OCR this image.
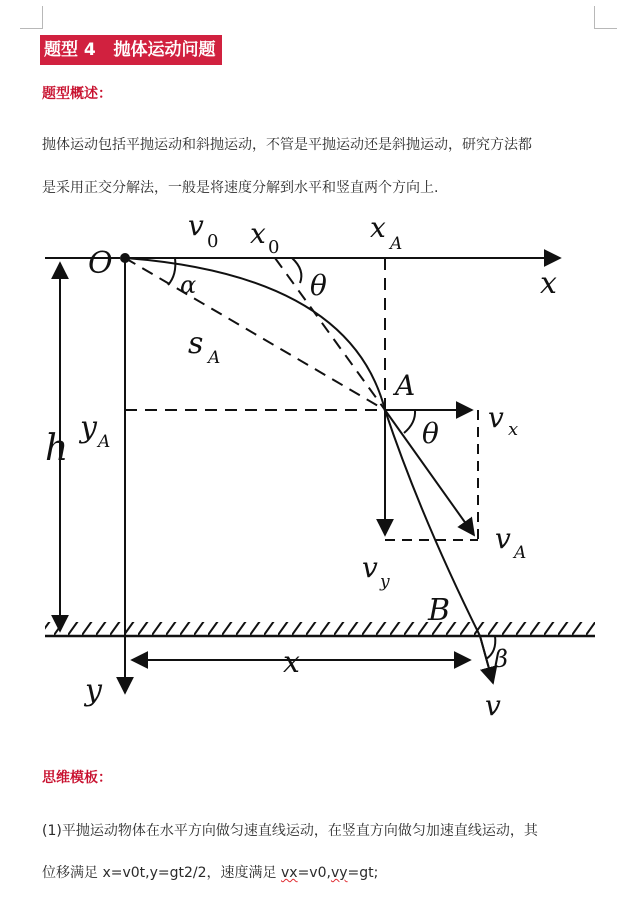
题型 4   抛体运动问题
题型概述：
抛体运动包括平抛运动和斜抛运动，不管是平抛运动还是斜抛运动，研究方法都
是采用正交分解法，一般是将速度分解到水平和竖直两个方向上.
O
v 0 x 0
x A
x
θ
α
s A
A
v x
θ
h
y A
v A
v y
B
x	β
y	v
思维模板：
(1)平抛运动物体在水平方向做匀速直线运动，在竖直方向做匀加速直线运动，其
位移满足 x=v0t,y=gt2/2，速度满足 vx=v0,vy=gt;
